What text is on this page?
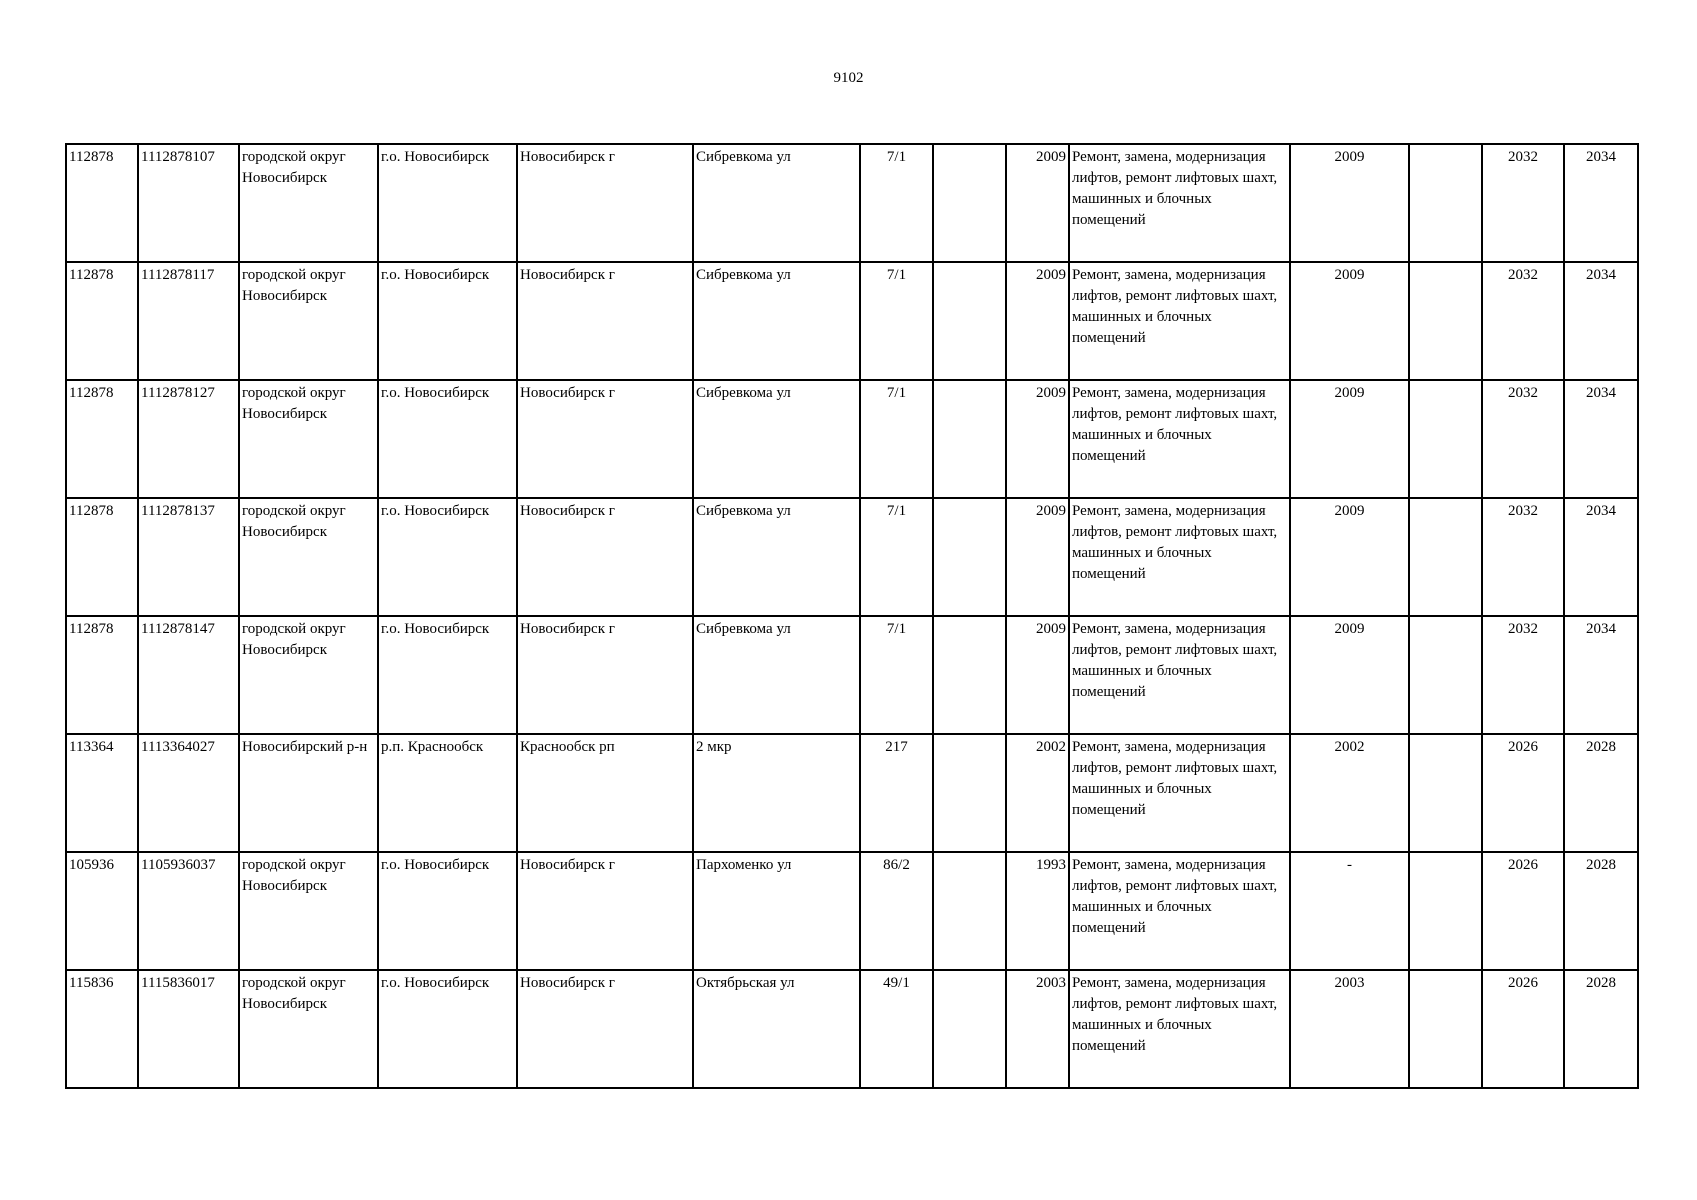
9102
112878	1112878107	городской округ Новосибирск	г.о. Новосибирск	Новосибирск г	Сибревкома ул	7/1		2009	Ремонт, замена, модернизация лифтов, ремонт лифтовых шахт, машинных и блочных помещений	2009		2032	2034
112878	1112878117	городской округ Новосибирск	г.о. Новосибирск	Новосибирск г	Сибревкома ул	7/1		2009	Ремонт, замена, модернизация лифтов, ремонт лифтовых шахт, машинных и блочных помещений	2009		2032	2034
112878	1112878127	городской округ Новосибирск	г.о. Новосибирск	Новосибирск г	Сибревкома ул	7/1		2009	Ремонт, замена, модернизация лифтов, ремонт лифтовых шахт, машинных и блочных помещений	2009		2032	2034
112878	1112878137	городской округ Новосибирск	г.о. Новосибирск	Новосибирск г	Сибревкома ул	7/1		2009	Ремонт, замена, модернизация лифтов, ремонт лифтовых шахт, машинных и блочных помещений	2009		2032	2034
112878	1112878147	городской округ Новосибирск	г.о. Новосибирск	Новосибирск г	Сибревкома ул	7/1		2009	Ремонт, замена, модернизация лифтов, ремонт лифтовых шахт, машинных и блочных помещений	2009		2032	2034
113364	1113364027	Новосибирский р-н	р.п. Краснообск	Краснообск рп	2 мкр	217		2002	Ремонт, замена, модернизация лифтов, ремонт лифтовых шахт, машинных и блочных помещений	2002		2026	2028
105936	1105936037	городской округ Новосибирск	г.о. Новосибирск	Новосибирск г	Пархоменко ул	86/2		1993	Ремонт, замена, модернизация лифтов, ремонт лифтовых шахт, машинных и блочных помещений	-		2026	2028
115836	1115836017	городской округ Новосибирск	г.о. Новосибирск	Новосибирск г	Октябрьская ул	49/1		2003	Ремонт, замена, модернизация лифтов, ремонт лифтовых шахт, машинных и блочных помещений	2003		2026	2028
